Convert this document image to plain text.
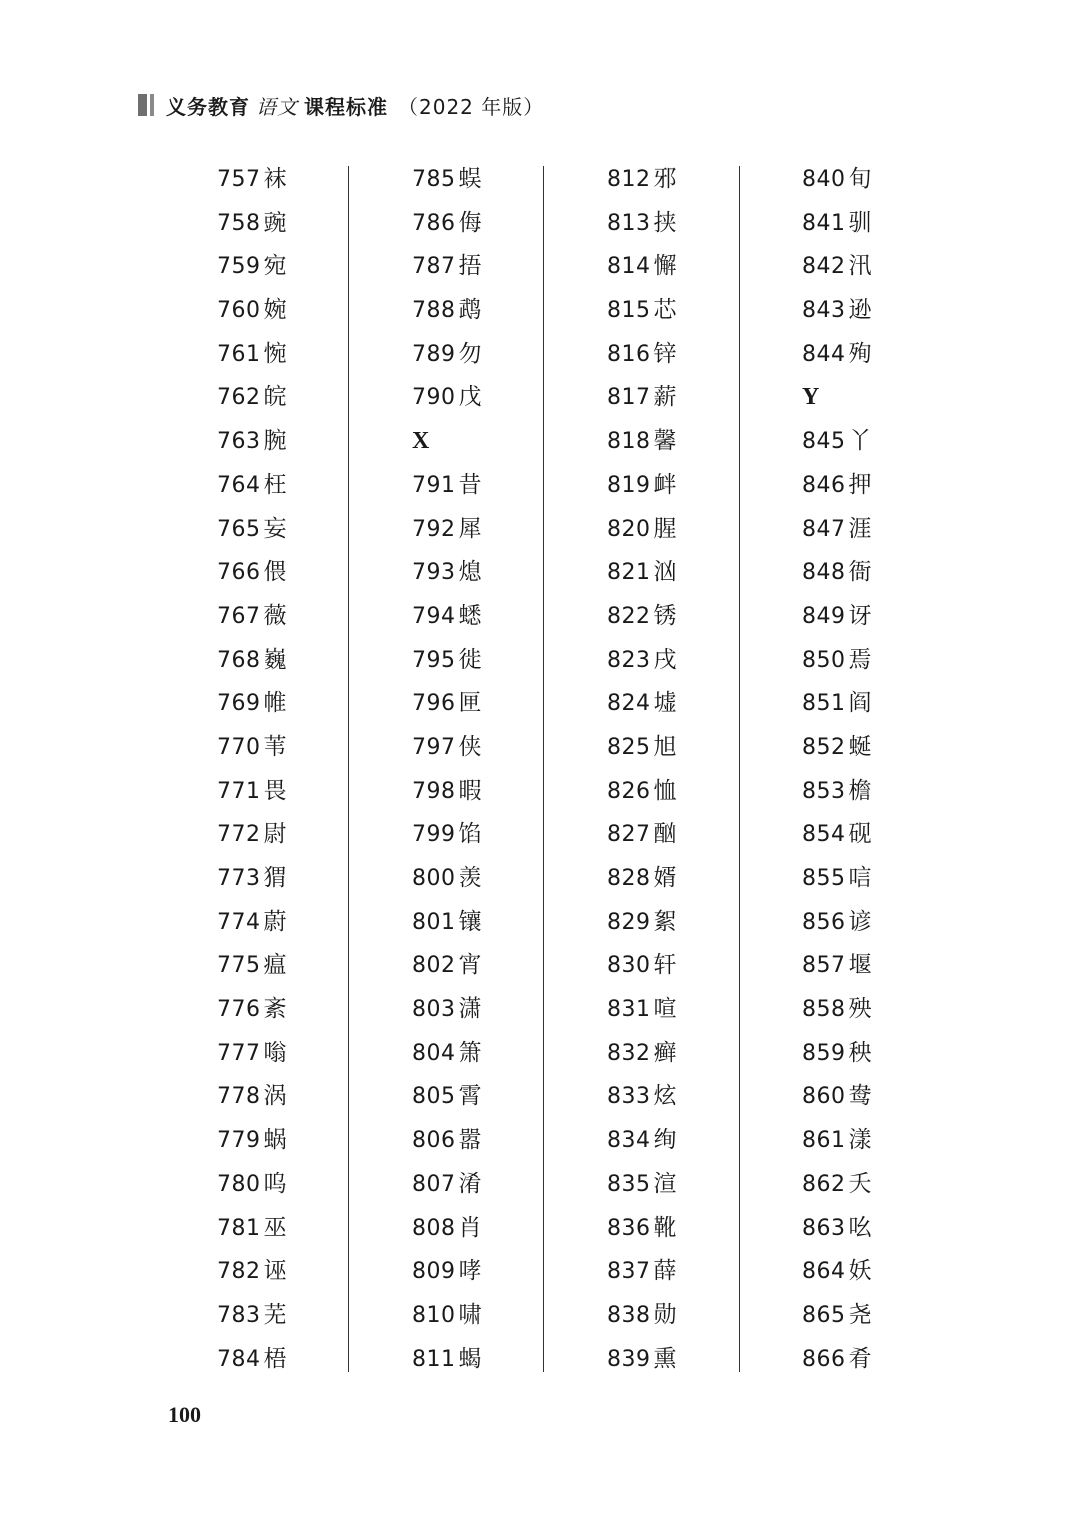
义务教育 语文 课程标准 （2022 年版）
757 袜
758 豌
759 宛
760 婉
761 惋
762 皖
763 腕
764 枉
765 妄
766 偎
767 薇
768 巍
769 帷
770 苇
771 畏
772 尉
773 猬
774 蔚
775 瘟
776 紊
777 嗡
778 涡
779 蜗
780 呜
781 巫
782 诬
783 芜
784 梧
785 蜈
786 侮
787 捂
788 鹉
789 勿
790 戊
X
791 昔
792 犀
793 熄
794 蟋
795 徙
796 匣
797 侠
798 暇
799 馅
800 羡
801 镶
802 宵
803 潇
804 箫
805 霄
806 嚣
807 淆
808 肖
809 哮
810 啸
811 蝎
812 邪
813 挟
814 懈
815 芯
816 锌
817 薪
818 馨
819 衅
820 腥
821 汹
822 锈
823 戌
824 墟
825 旭
826 恤
827 酗
828 婿
829 絮
830 轩
831 喧
832 癣
833 炫
834 绚
835 渲
836 靴
837 薛
838 勋
839 熏
840 旬
841 驯
842 汛
843 逊
844 殉
Y
845 丫
846 押
847 涯
848 衙
849 讶
850 焉
851 阎
852 蜒
853 檐
854 砚
855 唁
856 谚
857 堰
858 殃
859 秧
860 鸯
861 漾
862 夭
863 吆
864 妖
865 尧
866 肴
100
